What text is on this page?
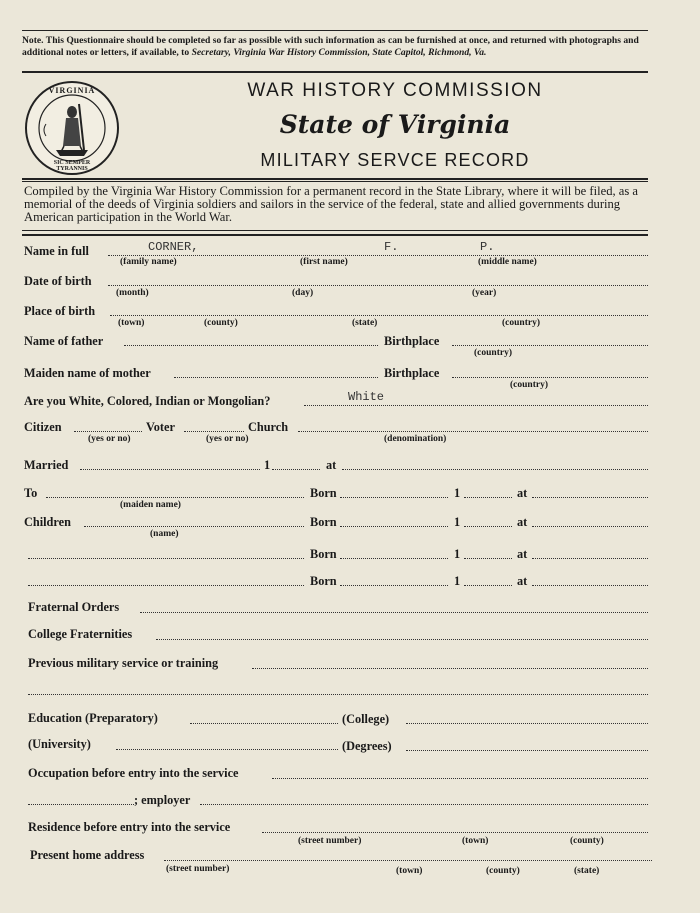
Note. This Questionnaire should be completed so far as possible with such information as can be furnished at once, and returned with photographs and additional notes or letters, if available, to Secretary, Virginia War History Commission, State Capitol, Richmond, Va.
VIRGINIA
SIC SEMPER TYRANNIS
WAR HISTORY COMMISSION
State of Virginia
MILITARY SERVCE RECORD
Compiled by the Virginia War History Commission for a permanent record in the State Library, where it will be filed, as a memorial of the deeds of Virginia soldiers and sailors in the service of the federal, state and allied governments during American participation in the World War.
Name in full	CORNER,	F.	P.
(family name)	(first name)	(middle name)
Date of birth
(month)	(day)	(year)
Place of birth
(town)	(county)	(state)	(country)
Name of father	Birthplace
(country)
Maiden name of mother	Birthplace
(country)
Are you White, Colored, Indian or Mongolian?	White
Citizen	Voter	Church
(yes or no)	(yes or no)	(denomination)
Married	1	at
To	Born	1	at
(maiden name)
Children	Born	1	at
(name)
Born	1	at
Born	1	at
Fraternal Orders
College Fraternities
Previous military service or training
Education (Preparatory)	(College)
(University)	(Degrees)
Occupation before entry into the service
; employer
Residence before entry into the service
(street number)	(town)	(county)
Present home address
(street number)	(town)	(county)	(state)
